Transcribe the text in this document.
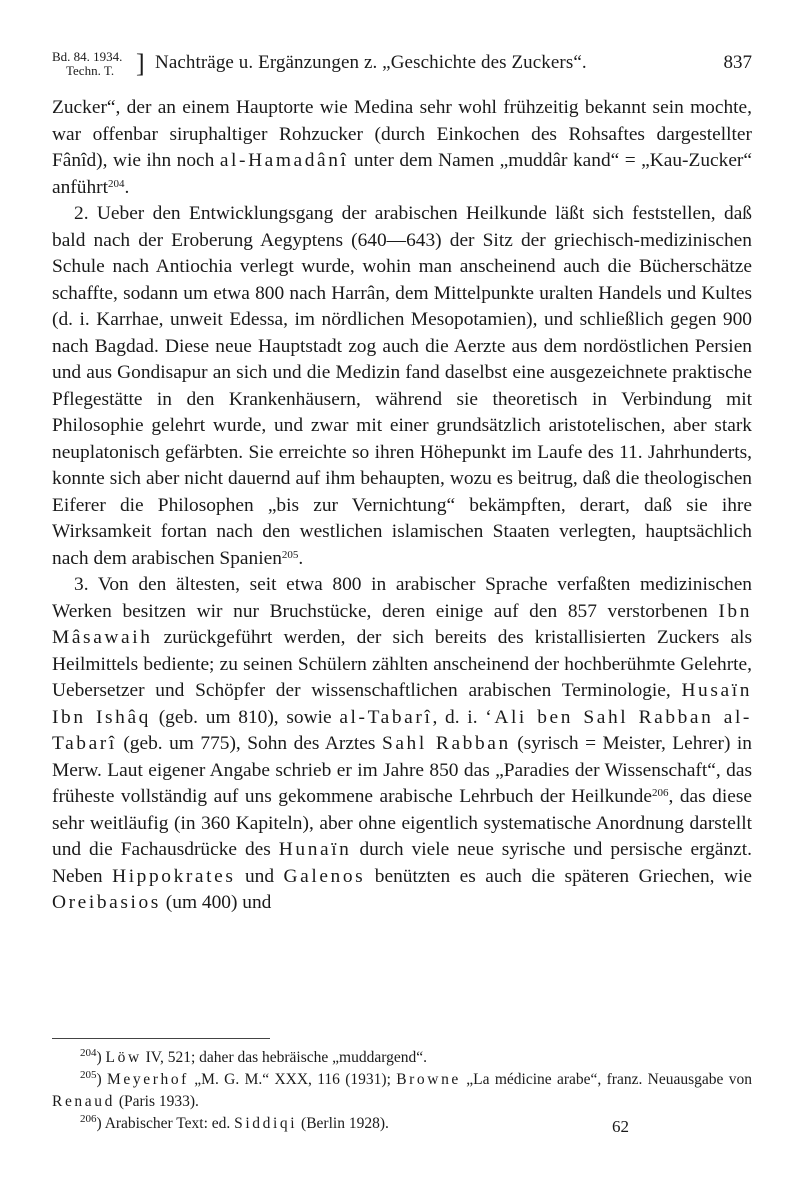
Bd. 84. 1934.
Techn. T. ] Nachträge u. Ergänzungen z. „Geschichte des Zuckers“.	837

Zucker“, der an einem Hauptorte wie Medina sehr wohl frühzeitig bekannt sein mochte, war offenbar siruphaltiger Rohzucker (durch Einkochen des Rohsaftes dargestellter Fânîd), wie ihn noch al-Hamadânî unter dem Namen „muddâr kand“ = „Kau-Zucker“ anführt$^{204}$.

2. Ueber den Entwicklungsgang der arabischen Heilkunde läßt sich feststellen, daß bald nach der Eroberung Aegyptens (640—643) der Sitz der griechisch-medizinischen Schule nach Antiochia verlegt wurde, wohin man anscheinend auch die Bücherschätze schaffte, sodann um etwa 800 nach Harrân, dem Mittelpunkte uralten Handels und Kultes (d. i. Karrhae, unweit Edessa, im nördlichen Mesopotamien), und schließlich gegen 900 nach Bagdad. Diese neue Hauptstadt zog auch die Aerzte aus dem nordöstlichen Persien und aus Gondisapur an sich und die Medizin fand daselbst eine ausgezeichnete praktische Pflegestätte in den Krankenhäusern, während sie theoretisch in Verbindung mit Philosophie gelehrt wurde, und zwar mit einer grundsätzlich aristotelischen, aber stark neuplatonisch gefärbten. Sie erreichte so ihren Höhepunkt im Laufe des 11. Jahrhunderts, konnte sich aber nicht dauernd auf ihm behaupten, wozu es beitrug, daß die theologischen Eiferer die Philosophen „bis zur Vernichtung“ bekämpften, derart, daß sie ihre Wirksamkeit fortan nach den westlichen islamischen Staaten verlegten, hauptsächlich nach dem arabischen Spanien$^{205}$.

3. Von den ältesten, seit etwa 800 in arabischer Sprache verfaßten medizinischen Werken besitzen wir nur Bruchstücke, deren einige auf den 857 verstorbenen Ibn Mâsawaih zurückgeführt werden, der sich bereits des kristallisierten Zuckers als Heilmittels bediente; zu seinen Schülern zählten anscheinend der hochberühmte Gelehrte, Uebersetzer und Schöpfer der wissenschaftlichen arabischen Terminologie, Husaïn Ibn Ishâq (geb. um 810), sowie al-Tabarî, d. i. ‘Ali ben Sahl Rabban al-Tabarî (geb. um 775), Sohn des Arztes Sahl Rabban (syrisch = Meister, Lehrer) in Merw. Laut eigener Angabe schrieb er im Jahre 850 das „Paradies der Wissenschaft“, das früheste vollständig auf uns gekommene arabische Lehrbuch der Heilkunde$^{206}$, das diese sehr weitläufig (in 360 Kapiteln), aber ohne eigentlich systematische Anordnung darstellt und die Fachausdrücke des Hunaïn durch viele neue syrische und persische ergänzt. Neben Hippokrates und Galenos benützten es auch die späteren Griechen, wie Oreibasios (um 400) und

$^{204}$) Löw IV, 521; daher das hebräische „muddargend“.

$^{205}$) Meyerhof „M. G. M.“ XXX, 116 (1931); Browne „La médicine arabe“, franz. Neuausgabe von Renaud (Paris 1933).

$^{206}$) Arabischer Text: ed. Siddiqi (Berlin 1928).	62
